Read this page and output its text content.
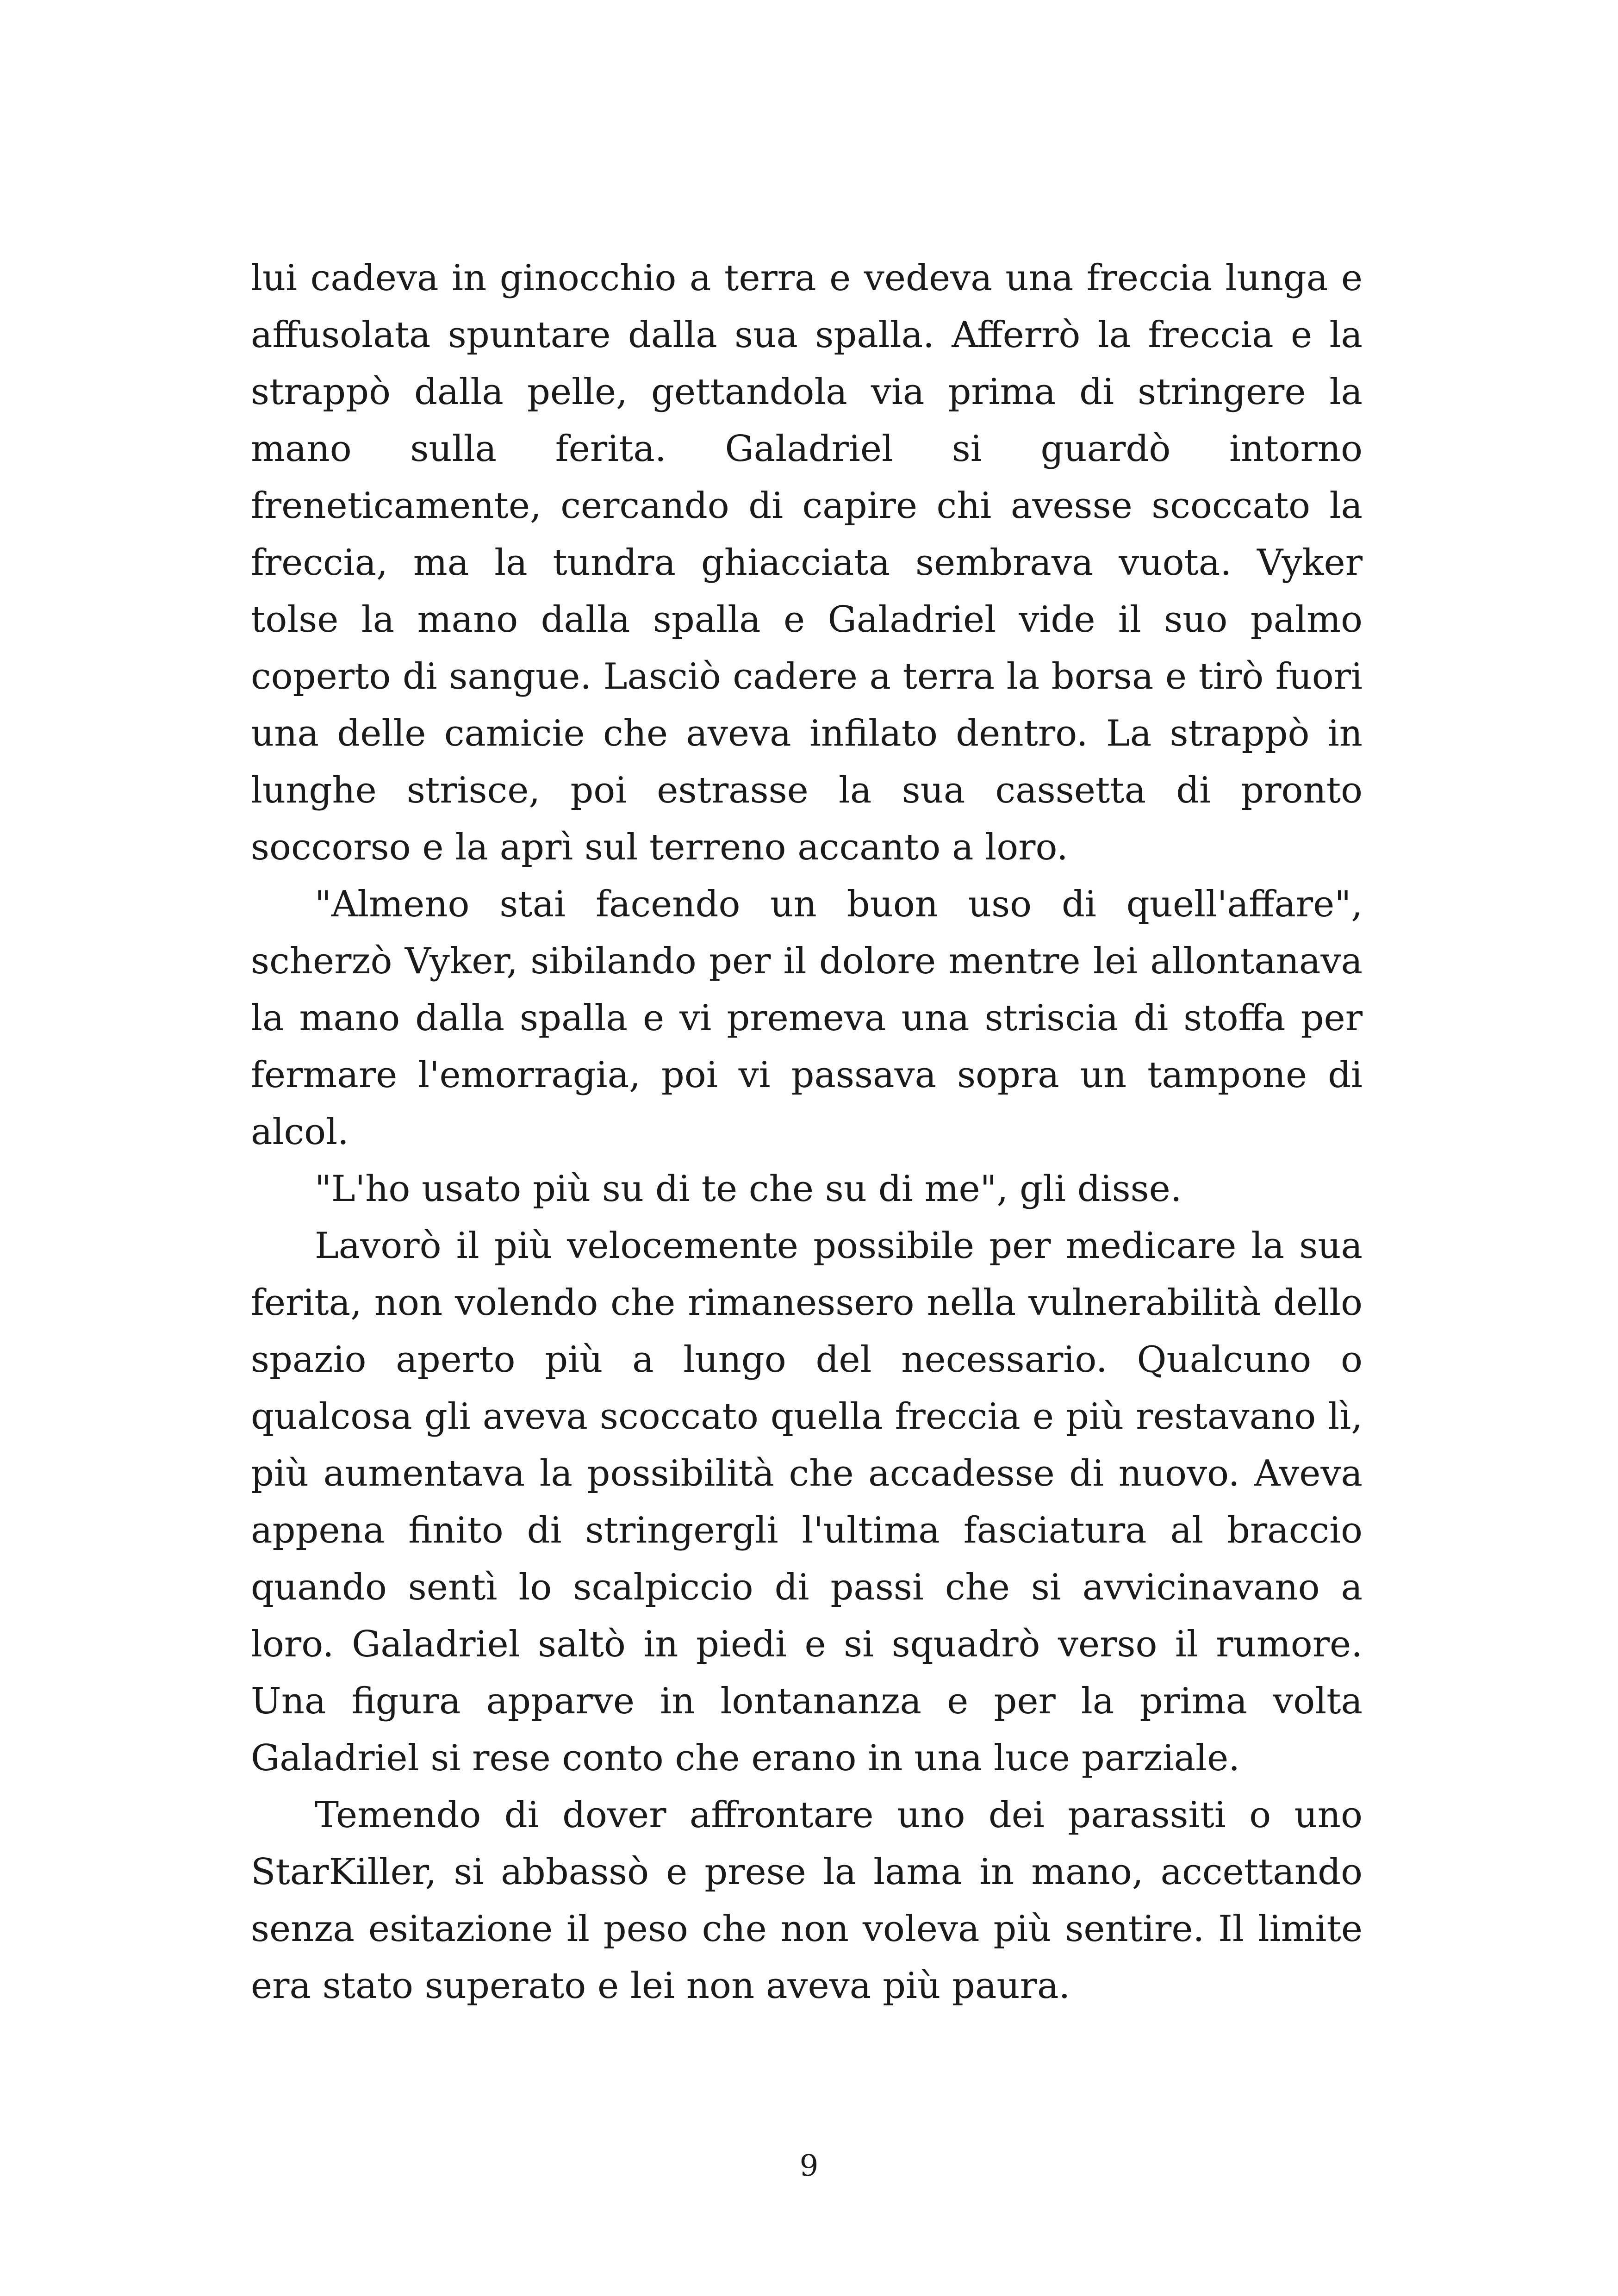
lui cadeva in ginocchio a terra e vedeva una freccia lunga e affusolata spuntare dalla sua spalla. Afferrò la freccia e la strappò dalla pelle, gettandola via prima di stringere la mano sulla ferita. Galadriel si guardò intorno freneticamente, cercando di capire chi avesse scoccato la freccia, ma la tundra ghiacciata sembrava vuota. Vyker tolse la mano dalla spalla e Galadriel vide il suo palmo coperto di sangue. Lasciò cadere a terra la borsa e tirò fuori una delle camicie che aveva infilato dentro. La strappò in lunghe strisce, poi estrasse la sua cassetta di pronto soccorso e la aprì sul terreno accanto a loro.

"Almeno stai facendo un buon uso di quell'affare", scherzò Vyker, sibilando per il dolore mentre lei allontanava la mano dalla spalla e vi premeva una striscia di stoffa per fermare l'emorragia, poi vi passava sopra un tampone di alcol.

"L'ho usato più su di te che su di me", gli disse.

Lavorò il più velocemente possibile per medicare la sua ferita, non volendo che rimanessero nella vulnerabilità dello spazio aperto più a lungo del necessario. Qualcuno o qualcosa gli aveva scoccato quella freccia e più restavano lì, più aumentava la possibilità che accadesse di nuovo. Aveva appena finito di stringergli l'ultima fasciatura al braccio quando sentì lo scalpiccio di passi che si avvicinavano a loro. Galadriel saltò in piedi e si squadrò verso il rumore. Una figura apparve in lontananza e per la prima volta Galadriel si rese conto che erano in una luce parziale.

Temendo di dover affrontare uno dei parassiti o uno StarKiller, si abbassò e prese la lama in mano, accettando senza esitazione il peso che non voleva più sentire. Il limite era stato superato e lei non aveva più paura.

9
